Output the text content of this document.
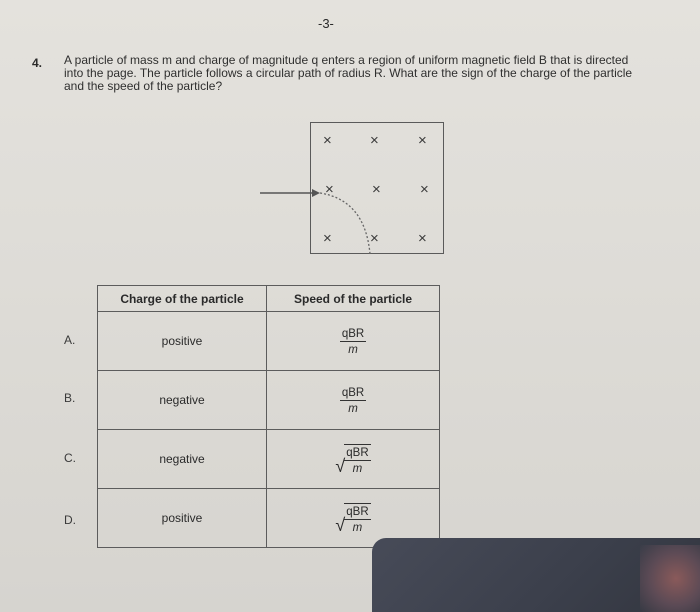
-3-
4. A particle of mass m and charge of magnitude q enters a region of uniform magnetic field B that is directed into the page. The particle follows a circular path of radius R. What are the sign of the charge of the particle and the speed of the particle?
×	×	×
×	×	×
×	×	×
A.
B.
C.
D.
Charge of the particle	Speed of the particle
positive	$\frac{\text{qBR}}{m}$

negative	$\frac{\text{qBR}}{m}$

negative	√ $\frac{\text{qBR}}{m}$

positive	√ $\frac{\text{qBR}}{m}$
